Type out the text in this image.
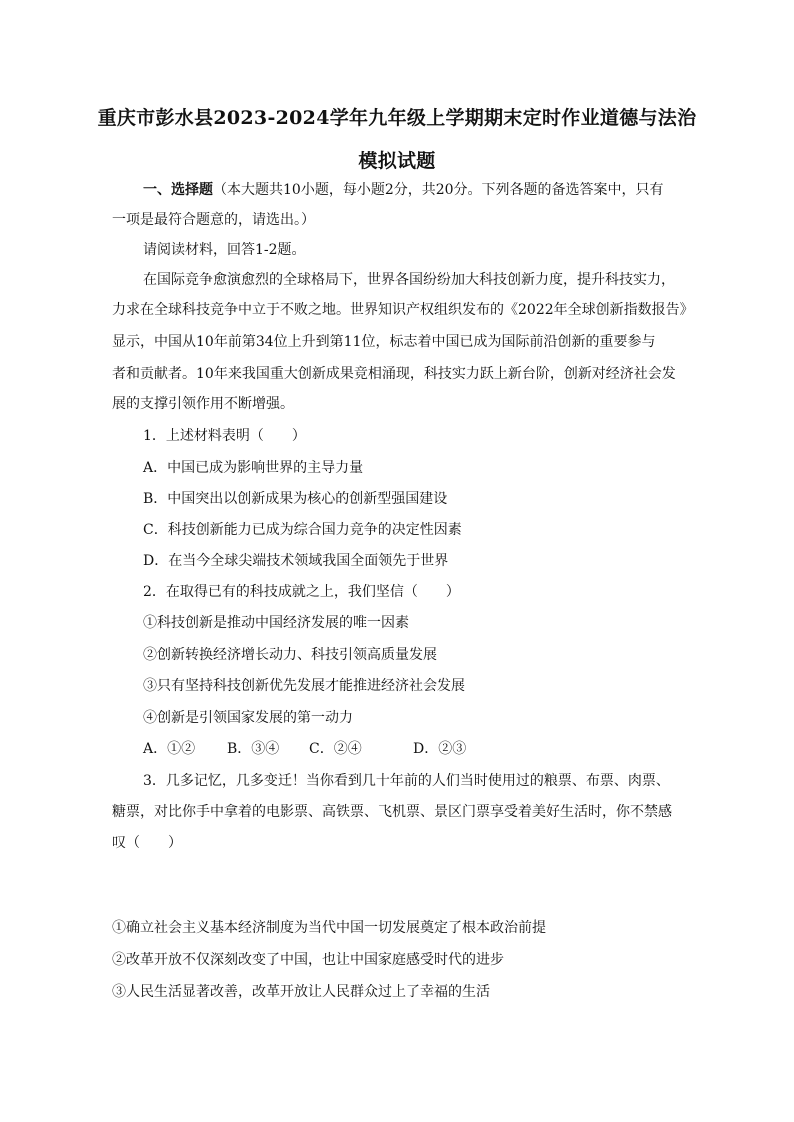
重庆市彭水县2023-2024学年九年级上学期期末定时作业道德与法治
模拟试题
一、选择题（本大题共10小题，每小题2分，共20分。下列各题的备选答案中，只有
一项是最符合题意的，请选出。）
请阅读材料，回答1-2题。
在国际竞争愈演愈烈的全球格局下，世界各国纷纷加大科技创新力度，提升科技实力，
力求在全球科技竞争中立于不败之地。世界知识产权组织发布的《2022年全球创新指数报告》
显示，中国从10年前第34位上升到第11位，标志着中国已成为国际前沿创新的重要参与
者和贡献者。10年来我国重大创新成果竞相涌现，科技实力跃上新台阶，创新对经济社会发
展的支撑引领作用不断增强。
1．上述材料表明（　　）
A．中国已成为影响世界的主导力量
B．中国突出以创新成果为核心的创新型强国建设
C．科技创新能力已成为综合国力竞争的决定性因素
D．在当今全球尖端技术领域我国全面领先于世界
2．在取得已有的科技成就之上，我们坚信（　　）
①科技创新是推动中国经济发展的唯一因素
②创新转换经济增长动力、科技引领高质量发展
③只有坚持科技创新优先发展才能推进经济社会发展
④创新是引领国家发展的第一动力
A．①② B．③④ C．②④	D．②③
3．几多记忆，几多变迁！当你看到几十年前的人们当时使用过的粮票、布票、肉票、
糖票，对比你手中拿着的电影票、高铁票、飞机票、景区门票享受着美好生活时，你不禁感
叹（　　）
①确立社会主义基本经济制度为当代中国一切发展奠定了根本政治前提
②改革开放不仅深刻改变了中国，也让中国家庭感受时代的进步
③人民生活显著改善，改革开放让人民群众过上了幸福的生活
